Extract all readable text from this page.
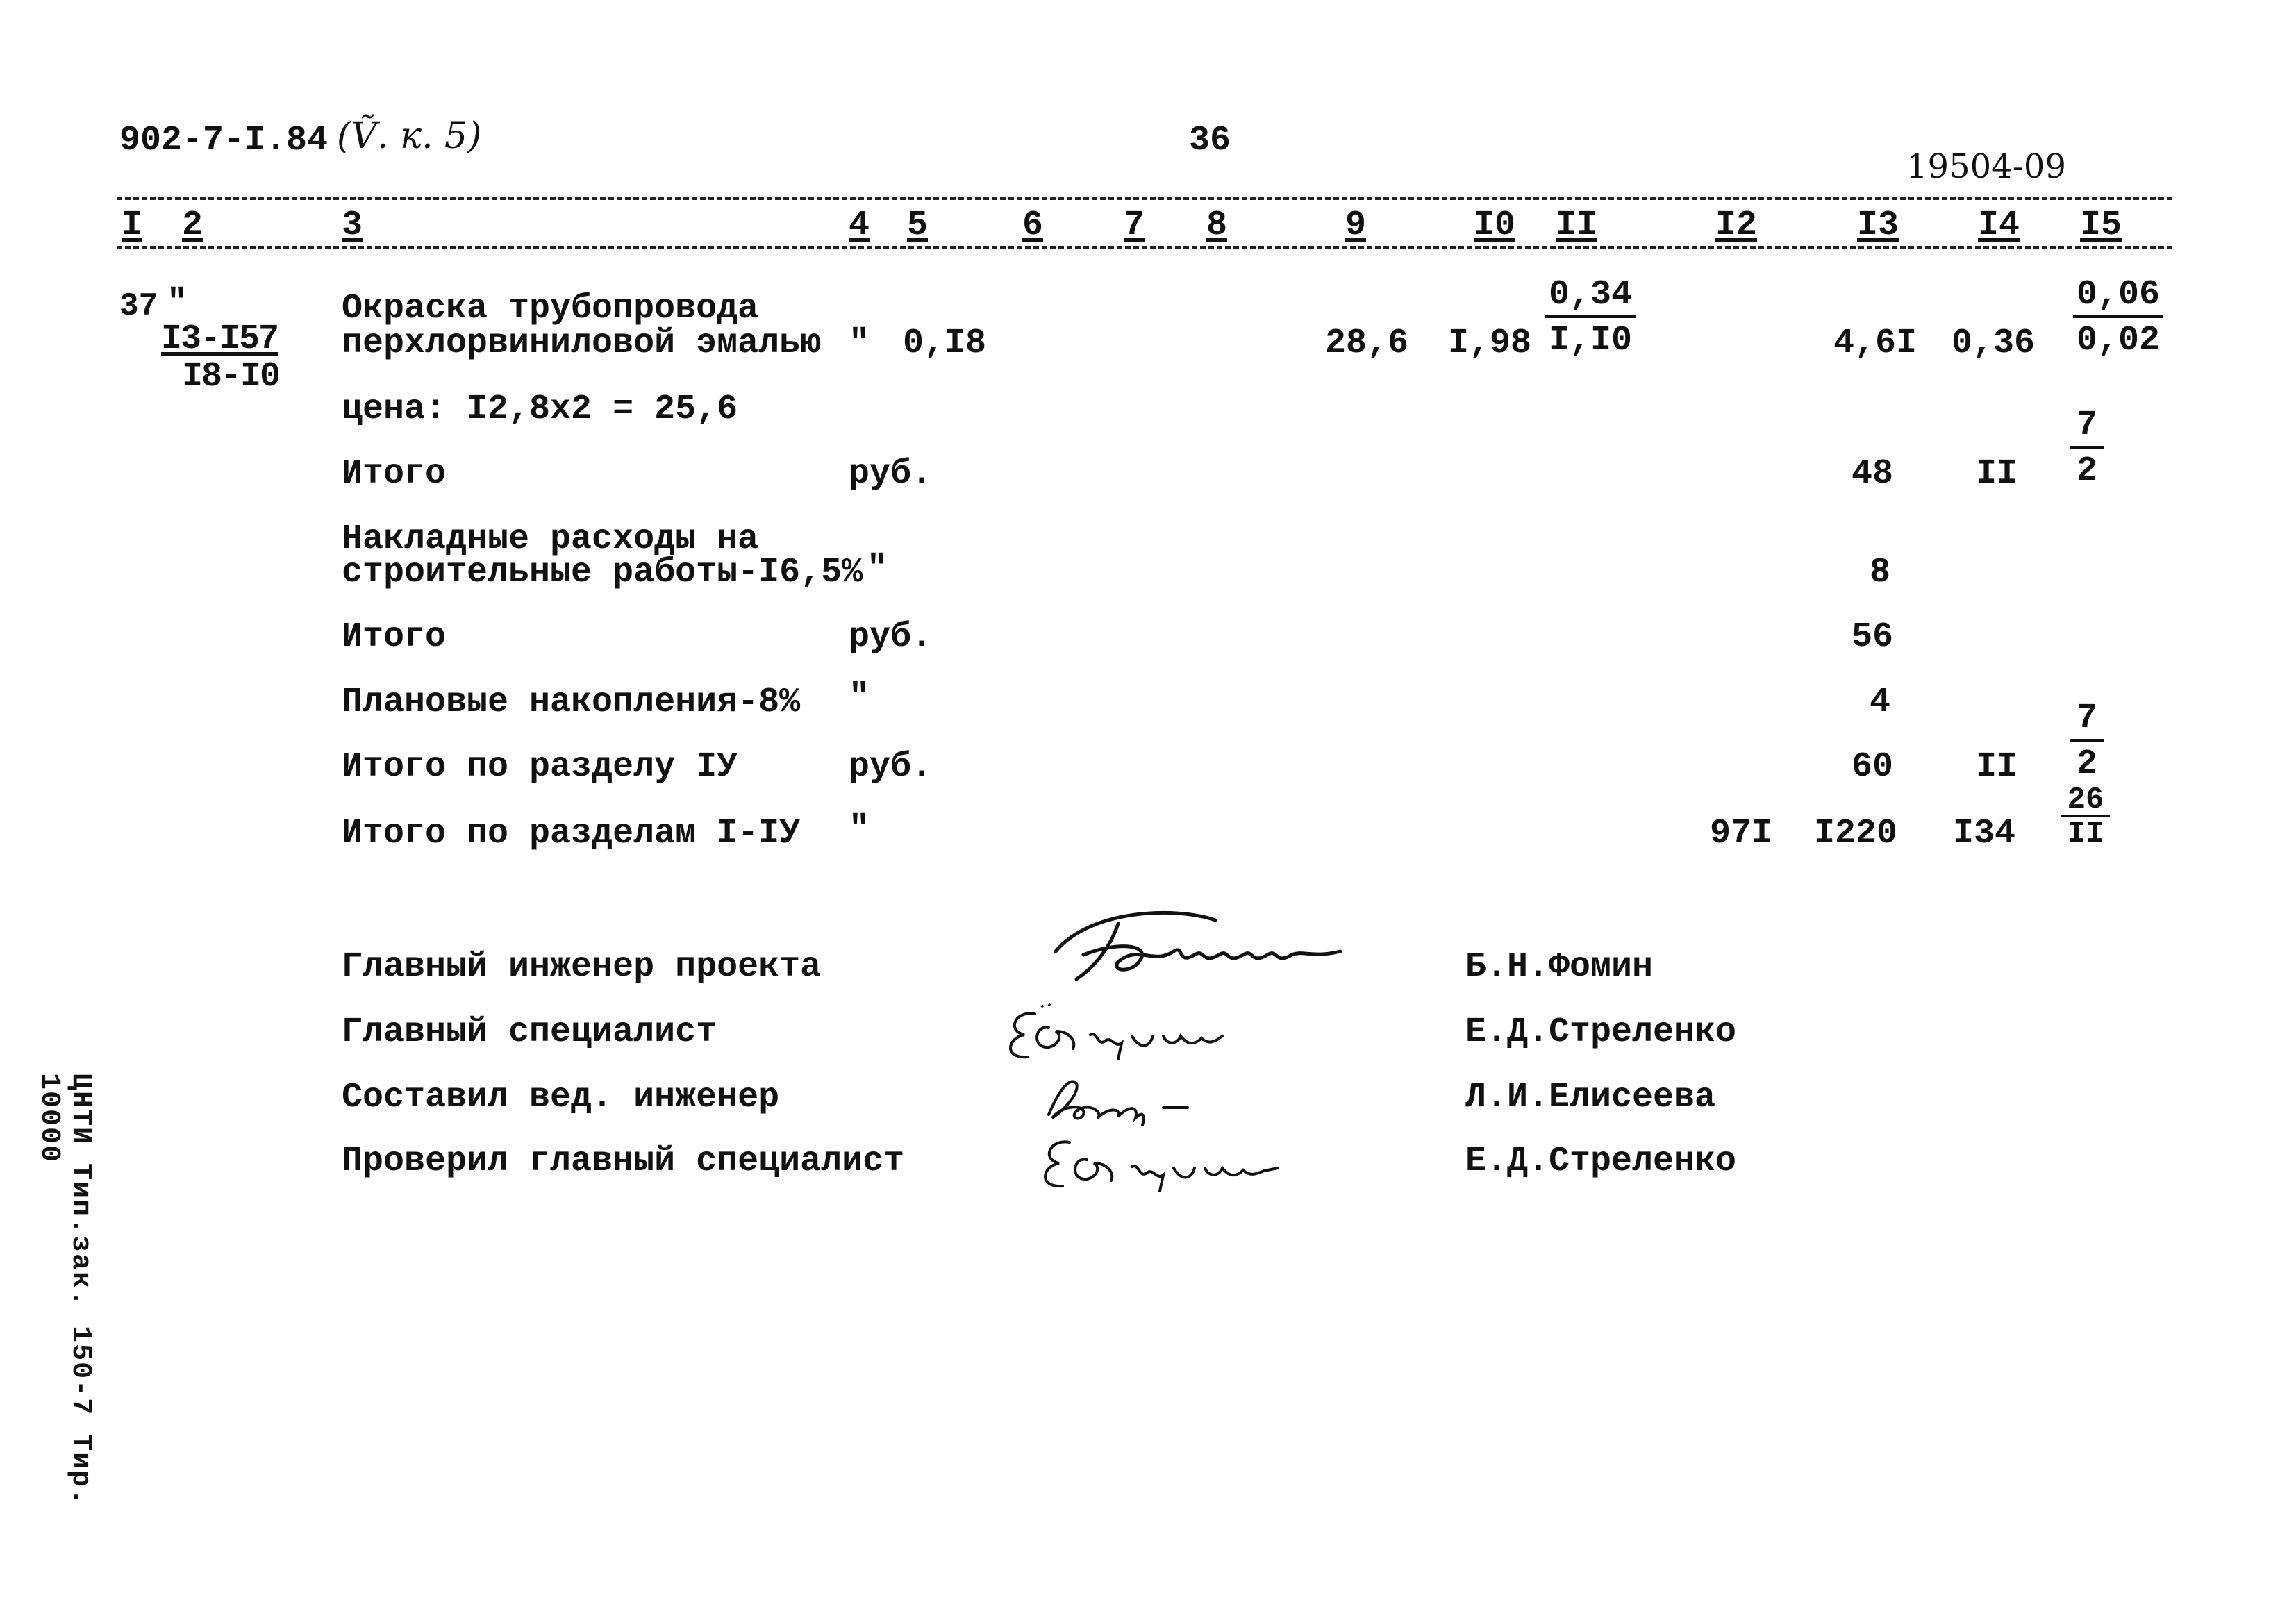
902-7-I.84 (Ṽ. к. 5)	36
19504-09
I 2	3	4 5	6 7 8	9	I0 II	I2	I3 I4 I5
37 "
I3-I57
I8-I0
Окраска трубопровода
перхлорвиниловой эмалью " 0,I8	28,6 $I,98 \frac{0,34}{I,I0}$	4,6I $0,36 \frac{0,06}{0,02}$
цена: I2,8x2 = 25,6
Итого	руб.	48 II $\frac{7}{2}$
Накладные расходы на
строительные работы-I6,5% "	8
Итого	руб.	56
Плановые накопления-8% "	4
Итого по разделу IУ	руб.	60 II $\frac{7}{2}$
Итого по разделам I-IУ "	97I I220 $I34 \frac{26}{II}$
Главный инженер проекта	Б.Н.Фомин
Главный специалист	Е.Д.Стреленко
Составил вед. инженер	Л.И.Елисеева
Проверил главный специалист	Е.Д.Стреленко
ЦНТИ Тип.зак. 150-7 Тир. 10000
